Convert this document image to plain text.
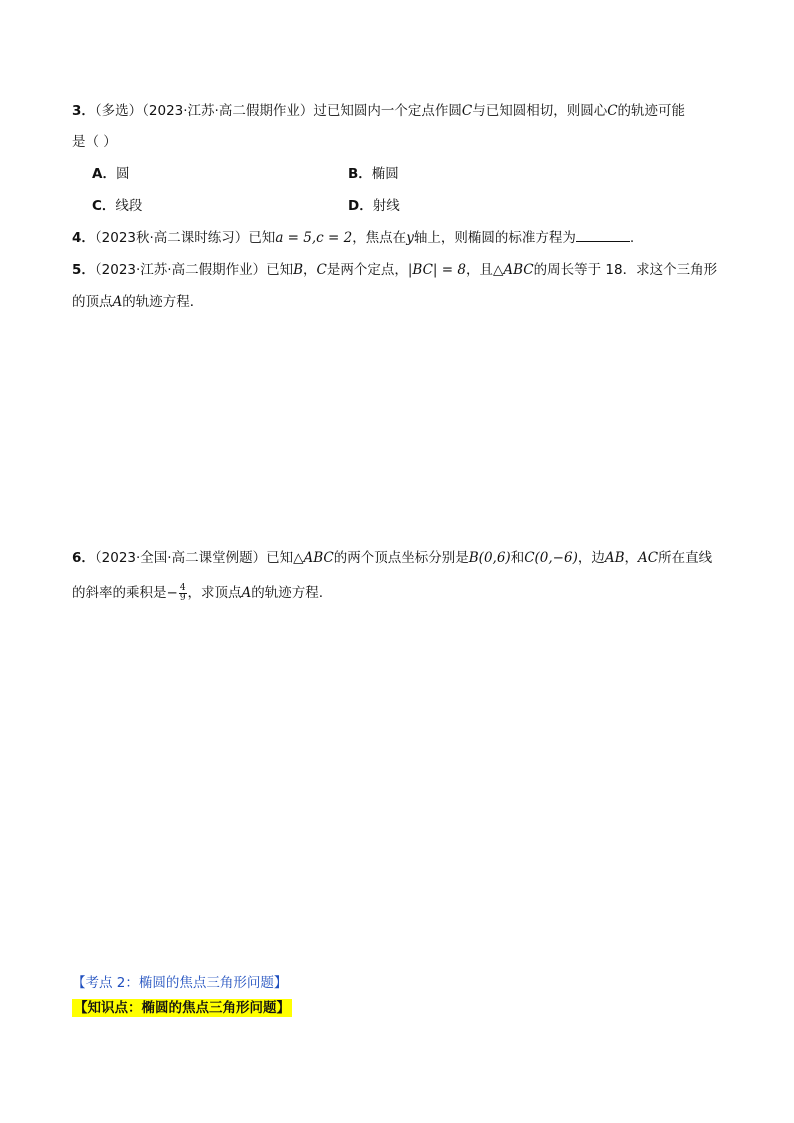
3．（多选）（2023·江苏·高二假期作业）过已知圆内一个定点作圆C与已知圆相切，则圆心C的轨迹可能
是（ ）
A．圆	B．椭圆
C．线段	D．射线
4．（2023秋·高二课时练习）已知a = 5,c = 2，焦点在y轴上，则椭圆的标准方程为	.
5．（2023·江苏·高二假期作业）已知B，C是两个定点，|BC| = 8，且△ABC的周长等于 18．求这个三角形
的顶点A的轨迹方程．
6．（2023·全国·高二课堂例题）已知△ABC的两个顶点坐标分别是B(0,6)和C(0,−6)，边AB，AC所在直线
的斜率的乘积是− $\frac{4}{9}$ ，求顶点A的轨迹方程.
【考点 2：椭圆的焦点三角形问题】
【知识点：椭圆的焦点三角形问题】
